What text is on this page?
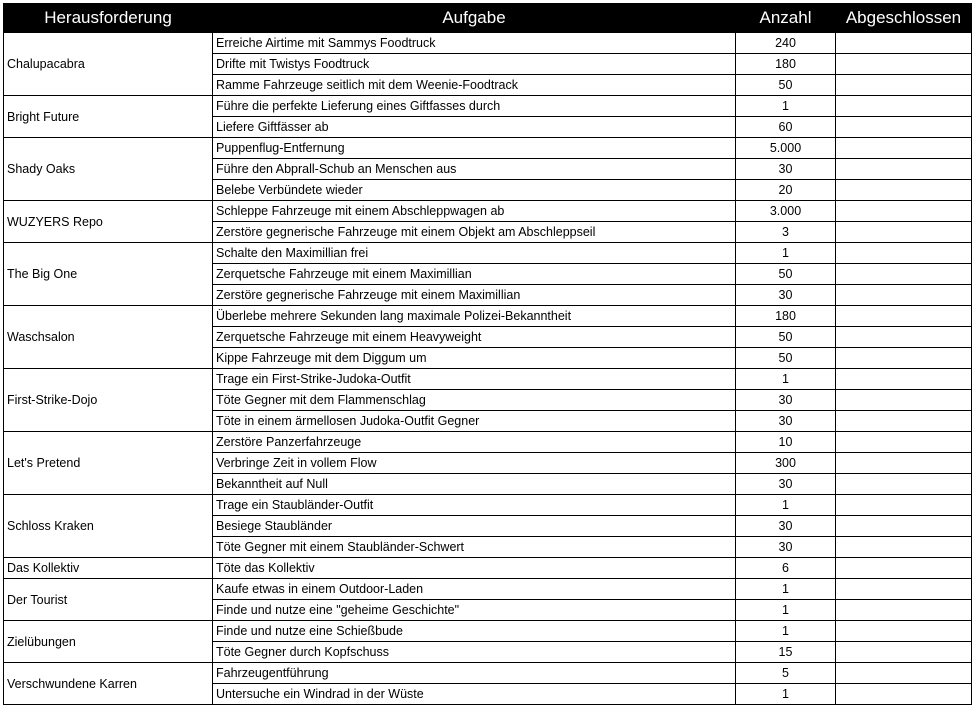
Herausforderung	Aufgabe	Anzahl	Abgeschlossen
Chalupacabra	Erreiche Airtime mit Sammys Foodtruck	240	
	Drifte mit Twistys Foodtruck	180	
	Ramme Fahrzeuge seitlich mit dem Weenie-Foodtrack	50	
Bright Future	Führe die perfekte Lieferung eines Giftfasses durch	1	
	Liefere Giftfässer ab	60	
Shady Oaks	Puppenflug-Entfernung	5.000	
	Führe den Abprall-Schub an Menschen aus	30	
	Belebe Verbündete wieder	20	
WUZYERS Repo	Schleppe Fahrzeuge mit einem Abschleppwagen ab	3.000	
	Zerstöre gegnerische Fahrzeuge mit einem Objekt am Abschleppseil	3	
The Big One	Schalte den Maximillian frei	1	
	Zerquetsche Fahrzeuge mit einem Maximillian	50	
	Zerstöre gegnerische Fahrzeuge mit einem Maximillian	30	
Waschsalon	Überlebe mehrere Sekunden lang maximale Polizei-Bekanntheit	180	
	Zerquetsche Fahrzeuge mit einem Heavyweight	50	
	Kippe Fahrzeuge mit dem Diggum um	50	
First-Strike-Dojo	Trage ein First-Strike-Judoka-Outfit	1	
	Töte Gegner mit dem Flammenschlag	30	
	Töte in einem ärmellosen Judoka-Outfit Gegner	30	
Let's Pretend	Zerstöre Panzerfahrzeuge	10	
	Verbringe Zeit in vollem Flow	300	
	Bekanntheit auf Null	30	
Schloss Kraken	Trage ein Staubländer-Outfit	1	
	Besiege Staubländer	30	
	Töte Gegner mit einem Staubländer-Schwert	30	
Das Kollektiv	Töte das Kollektiv	6	
Der Tourist	Kaufe etwas in einem Outdoor-Laden	1	
	Finde und nutze eine "geheime Geschichte"	1	
Zielübungen	Finde und nutze eine Schießbude	1	
	Töte Gegner durch Kopfschuss	15	
Verschwundene Karren	Fahrzeugentführung	5	
	Untersuche ein Windrad in der Wüste	1	
